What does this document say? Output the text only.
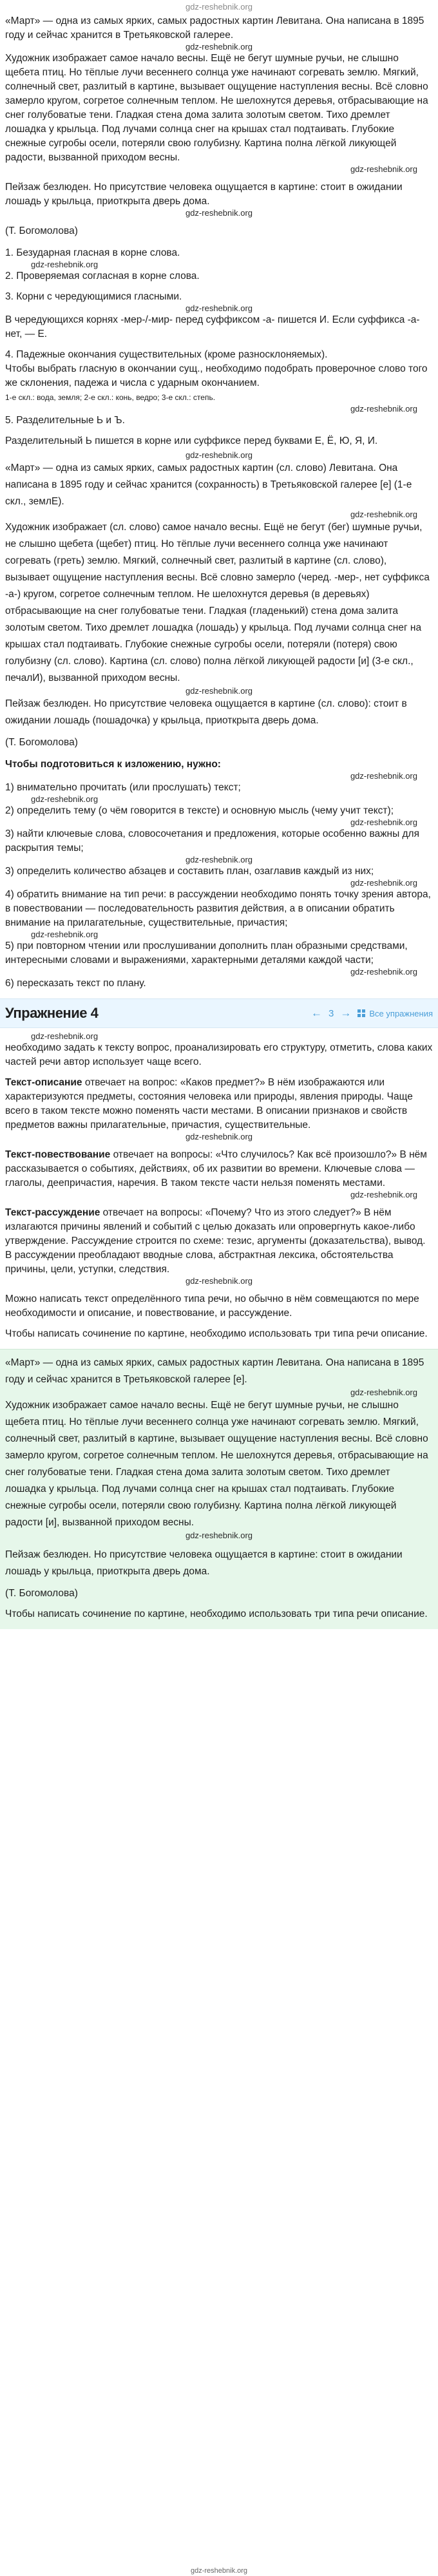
gdz-reshebnik.org

«Март» — одна из самых ярких, самых радостных картин Левитана. Она написана в 1895 году и сейчас хранится в Третьяковской галерее.

gdz-reshebnik.org

Художник изображает самое начало весны. Ещё не бегут шумные ручьи, не слышно щебета птиц. Но тёплые лучи весеннего солнца уже начинают согревать землю. Мягкий, солнечный свет, разлитый в картине, вызывает ощущение наступления весны. Всё словно замерло кругом, согретое солнечным теплом. Не шелохнутся деревья, отбрасывающие на снег голубоватые тени. Гладкая стена дома залита золотым светом. Тихо дремлет лошадка у крыльца. Под лучами солнца снег на крышах стал подтаивать. Глубокие снежные сугробы осели, потеряли свою голубизну. Картина полна лёгкой ликующей радости, вызванной приходом весны.

gdz-reshebnik.org

Пейзаж безлюден. Но присутствие человека ощущается в картине: стоит в ожидании лошадь у крыльца, приоткрыта дверь дома.

gdz-reshebnik.org

(Т. Богомолова)

1. Безударная гласная в корне слова.

gdz-reshebnik.org

2. Проверяемая согласная в корне слова.

3. Корни с чередующимися гласными.

gdz-reshebnik.org

В чередующихся корнях -мер-/-мир- перед суффиксом -а- пишется И. Если суффикса -а- нет, — Е.

4. Падежные окончания существительных (кроме разносклоняемых).

Чтобы выбрать гласную в окончании сущ., необходимо подобрать проверочное слово того же склонения, падежа и числа с ударным окончанием.

1-е скл.: вода, земля; 2-е скл.: конь, ведро; 3-е скл.: степь.

gdz-reshebnik.org

5. Разделительные Ь и Ъ.

Разделительный Ь пишется в корне или суффиксе перед буквами Е, Ё, Ю, Я, И.

gdz-reshebnik.org

«Март» — одна из самых ярких, самых радостных картин (сл. слово) Левитана. Она написана в 1895 году и сейчас хранится (сохранность) в Третьяковской галерее [е] (1-е скл., землЕ).

gdz-reshebnik.org

Художник изображает (сл. слово) самое начало весны. Ещё не бегут (бег) шумные ручьи, не слышно щебета (щебет) птиц. Но тёплые лучи весеннего солнца уже начинают согревать (греть) землю. Мягкий, солнечный свет, разлитый в картине (сл. слово), вызывает ощущение наступления весны. Всё словно замерло (черед. -мер-, нет суффикса -а-) кругом, согретое солнечным теплом. Не шелохнутся деревья (в деревьях) отбрасывающие на снег голубоватые тени. Гладкая (гладенький) стена дома залита золотым светом. Тихо дремлет лошадка (лошадь) у крыльца. Под лучами солнца снег на крышах стал подтаивать. Глубокие снежные сугробы осели, потеряли (потеря) свою голубизну (сл. слово). Картина (сл. слово) полна лёгкой ликующей радости [и] (3-е скл., печалИ), вызванной приходом весны.

gdz-reshebnik.org

Пейзаж безлюден. Но присутствие человека ощущается в картине (сл. слово): стоит в ожидании лошадь (пошадочка) у крыльца, приоткрыта дверь дома.

(Т. Богомолова)

Чтобы подготовиться к изложению, нужно:

gdz-reshebnik.org

1) внимательно прочитать (или прослушать) текст;

gdz-reshebnik.org

2) определить тему (о чём говорится в тексте) и основную мысль (чему учит текст);

gdz-reshebnik.org

3) найти ключевые слова, словосочетания и предложения, которые особенно важны для раскрытия темы;

gdz-reshebnik.org

3) определить количество абзацев и составить план, озаглавив каждый из них;

gdz-reshebnik.org

4) обратить внимание на тип речи: в рассуждении необходимо понять точку зрения автора, в повествовании — последовательность развития действия, а в описании обратить внимание на прилагательные, существительные, причастия;

gdz-reshebnik.org

5) при повторном чтении или прослушивании дополнить план образными средствами, интересными словами и выражениями, характерными деталями каждой части;

gdz-reshebnik.org

6) пересказать текст по плану.

Упражнение 4	← 3 → Все упражнения
gdz-reshebnik.org

необходимо задать к тексту вопрос, проанализировать его структуру, отметить, слова каких частей речи автор использует чаще всего.

Текст-описание отвечает на вопрос: «Каков предмет?» В нём изображаются или характеризуются предметы, состояния человека или природы, явления природы. Чаще всего в таком тексте можно поменять части местами. В описании признаков и свойств предметов важны прилагательные, причастия, существительные.

gdz-reshebnik.org

Текст-повествование отвечает на вопросы: «Что случилось? Как всё произошло?» В нём рассказывается о событиях, действиях, об их развитии во времени. Ключевые слова — глаголы, деепричастия, наречия. В таком тексте части нельзя поменять местами.

gdz-reshebnik.org

Текст-рассуждение отвечает на вопросы: «Почему? Что из этого следует?» В нём излагаются причины явлений и событий с целью доказать или опровергнуть какое-либо утверждение. Рассуждение строится по схеме: тезис, аргументы (доказательства), вывод. В рассуждении преобладают вводные слова, абстрактная лексика, обстоятельства причины, цели, уступки, следствия.

gdz-reshebnik.org

Можно написать текст определённого типа речи, но обычно в нём совмещаются по мере необходимости и описание, и повествование, и рассуждение.

Чтобы написать сочинение по картине, необходимо использовать три типа речи описание.

«Март» — одна из самых ярких, самых радостных картин Левитана. Она написана в 1895 году и сейчас хранится в Третьяковской галерее [е].

gdz-reshebnik.org

Художник изображает самое начало весны. Ещё не бегут шумные ручьи, не слышно щебета птиц. Но тёплые лучи весеннего солнца уже начинают согревать землю. Мягкий, солнечный свет, разлитый в картине, вызывает ощущение наступления весны. Всё словно замерло кругом, согретое солнечным теплом. Не шелохнутся деревья, отбрасывающие на снег голубоватые тени. Гладкая стена дома залита золотым светом. Тихо дремлет лошадка у крыльца. Под лучами солнца снег на крышах стал подтаивать. Глубокие снежные сугробы осели, потеряли свою голубизну. Картина полна лёгкой ликующей радости [и], вызванной приходом весны.

gdz-reshebnik.org

Пейзаж безлюден. Но присутствие человека ощущается в картине: стоит в ожидании лошадь у крыльца, приоткрыта дверь дома.

(Т. Богомолова)

Чтобы написать сочинение по картине, необходимо использовать три типа речи описание.

gdz-reshebnik.org
